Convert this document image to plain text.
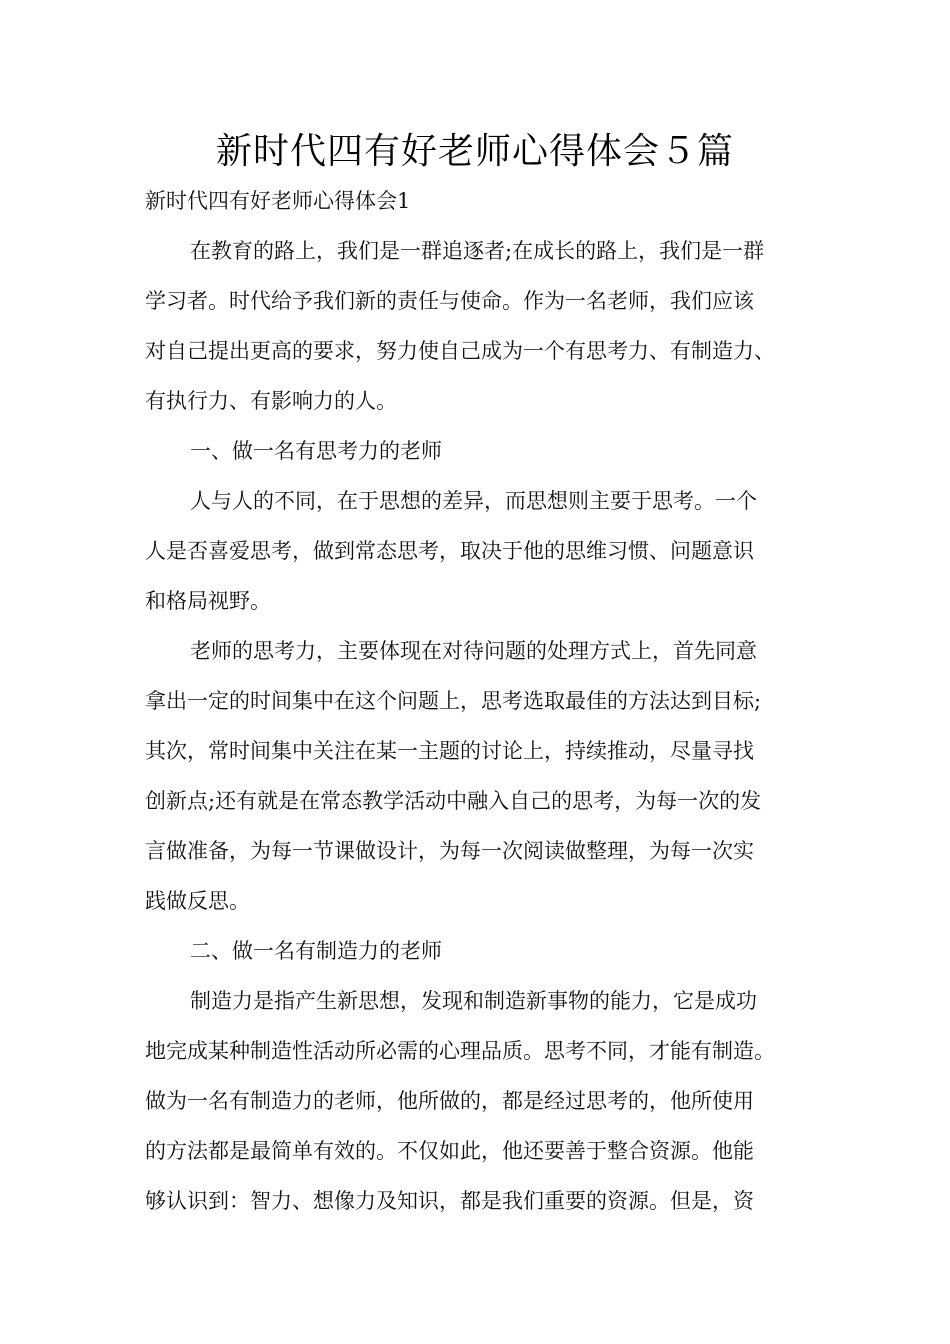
新时代四有好老师心得体会５篇
新时代四有好老师心得体会1
在教育的路上，我们是一群追逐者;在成长的路上，我们是一群
学习者。时代给予我们新的责任与使命。作为一名老师，我们应该
对自己提出更高的要求，努力使自己成为一个有思考力、有制造力、
有执行力、有影响力的人。
一、做一名有思考力的老师
人与人的不同，在于思想的差异，而思想则主要于思考。一个
人是否喜爱思考，做到常态思考，取决于他的思维习惯、问题意识
和格局视野。
老师的思考力，主要体现在对待问题的处理方式上，首先同意
拿出一定的时间集中在这个问题上，思考选取最佳的方法达到目标;
其次，常时间集中关注在某一主题的讨论上，持续推动，尽量寻找
创新点;还有就是在常态教学活动中融入自己的思考，为每一次的发
言做准备，为每一节课做设计，为每一次阅读做整理，为每一次实
践做反思。
二、做一名有制造力的老师
制造力是指产生新思想，发现和制造新事物的能力，它是成功
地完成某种制造性活动所必需的心理品质。思考不同，才能有制造。
做为一名有制造力的老师，他所做的，都是经过思考的，他所使用
的方法都是最简单有效的。不仅如此，他还要善于整合资源。他能
够认识到：智力、想像力及知识，都是我们重要的资源。但是，资
